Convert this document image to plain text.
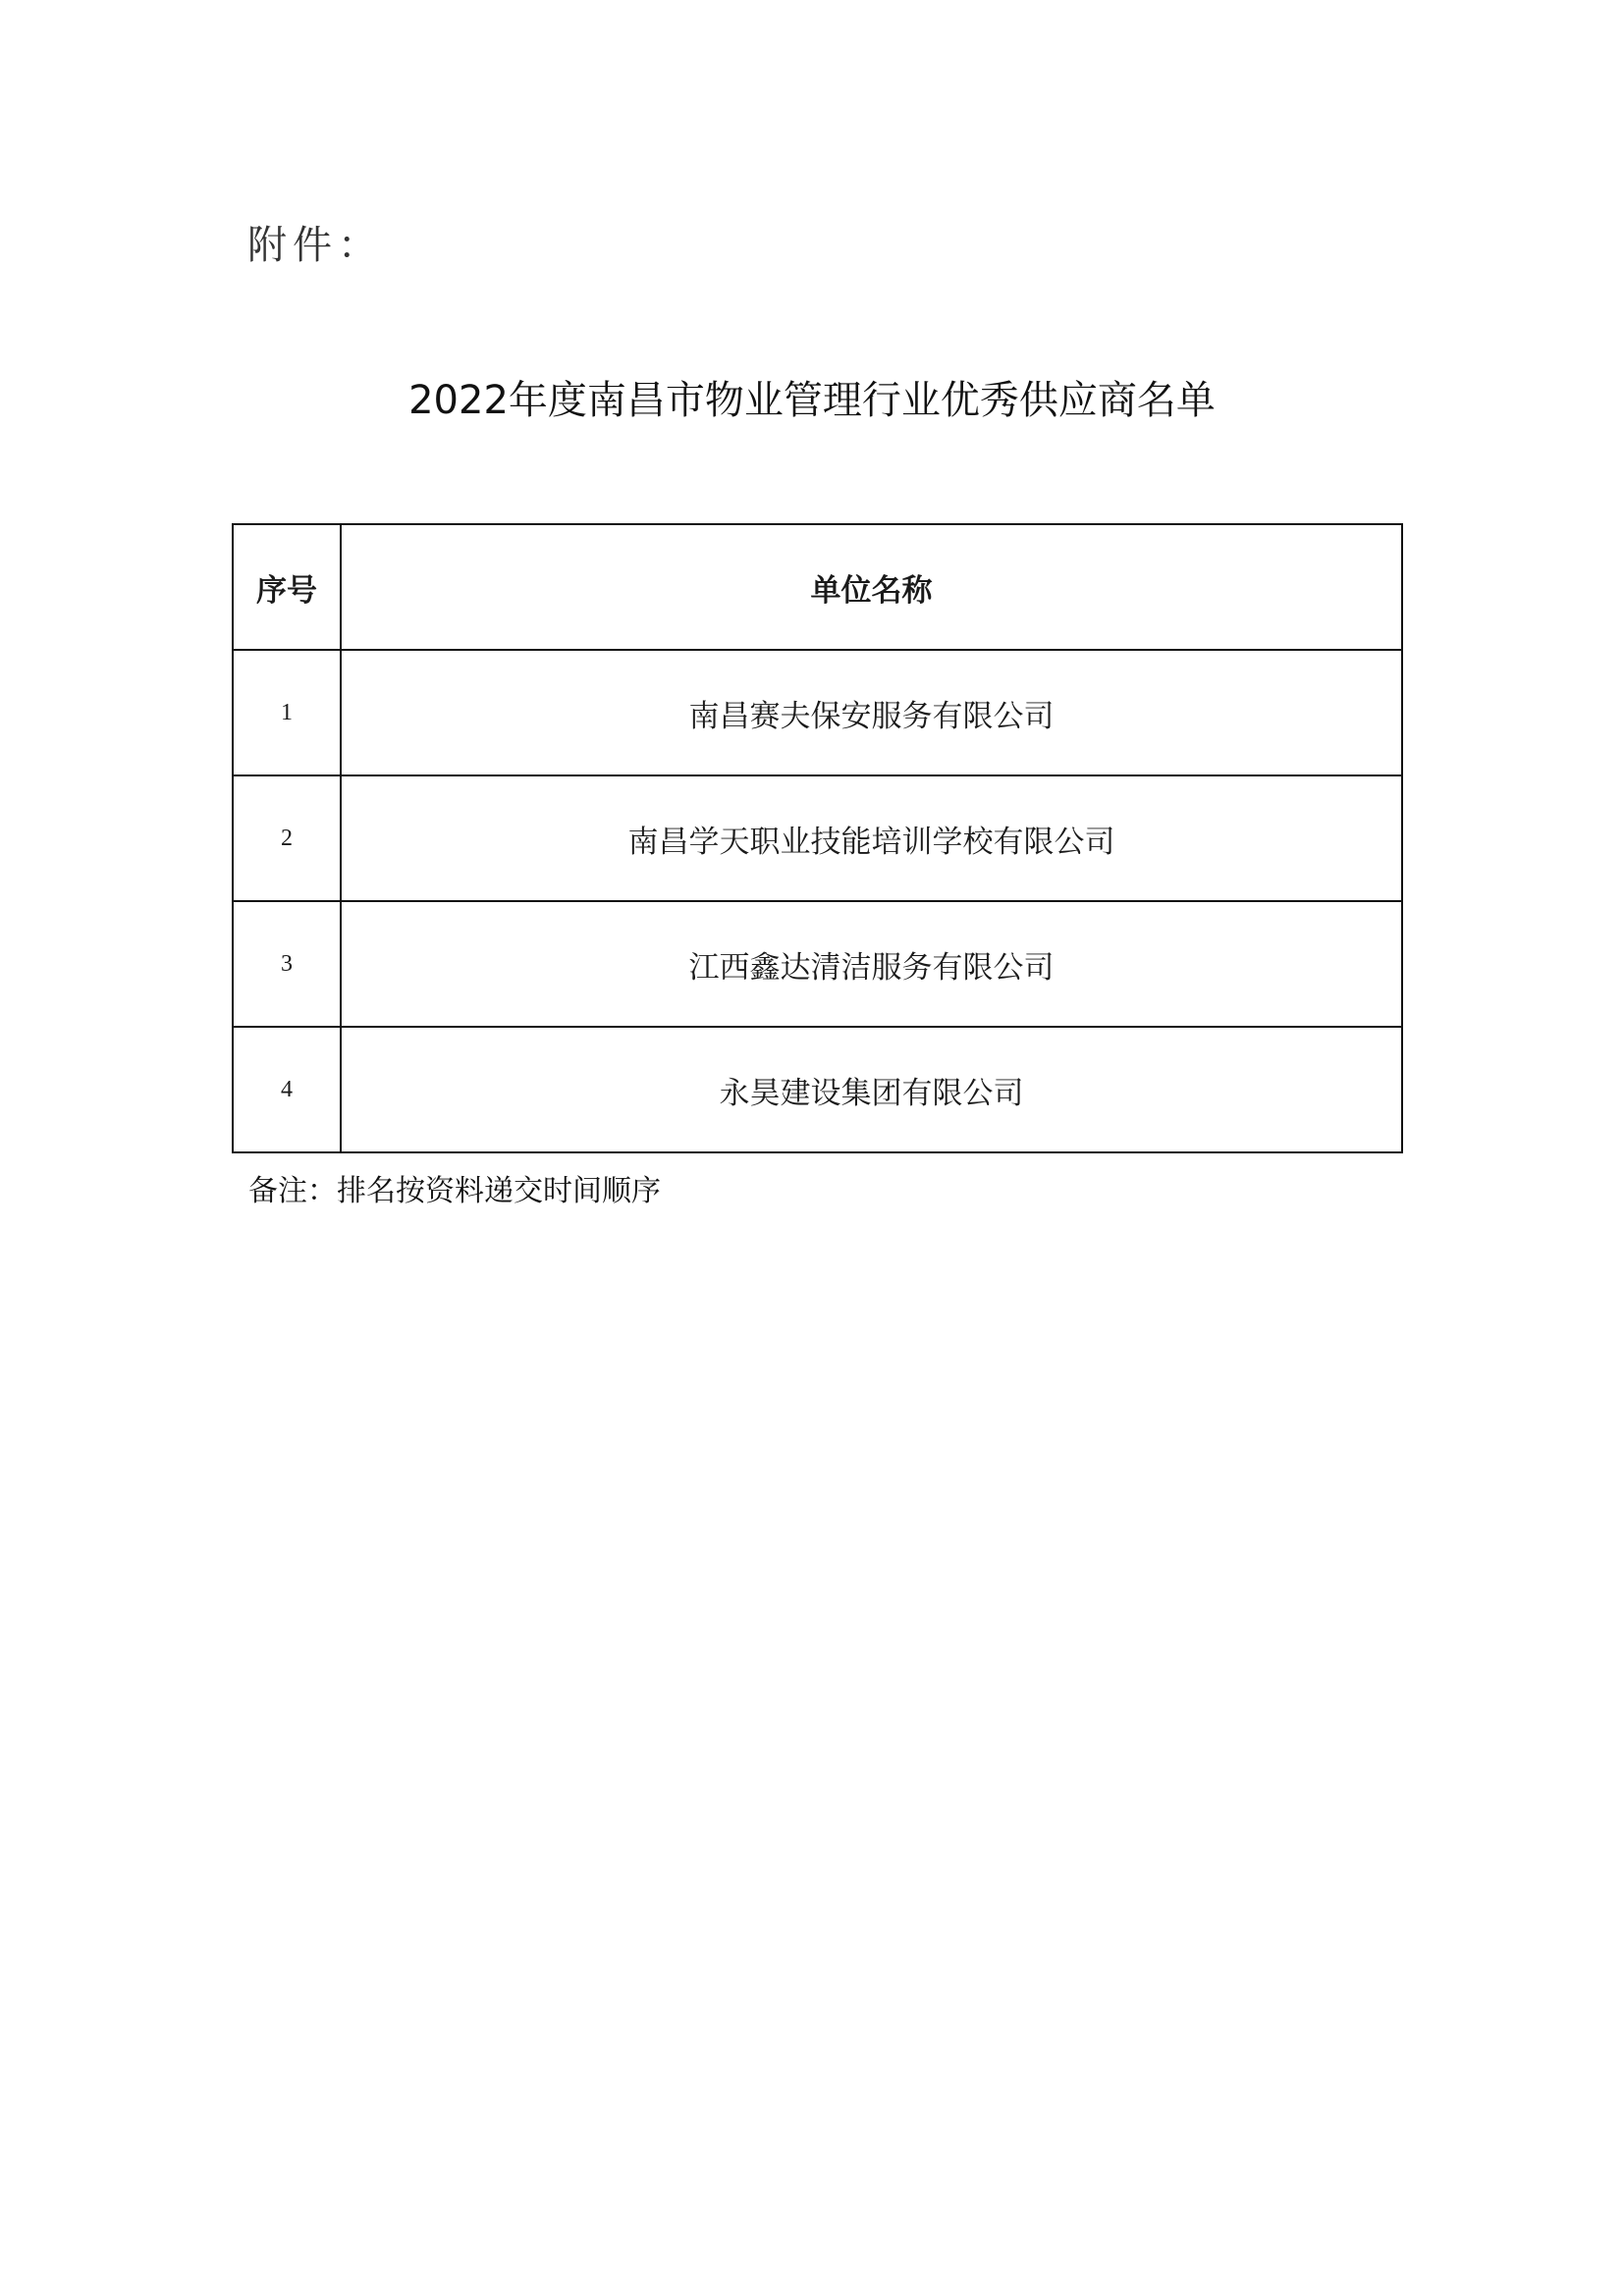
附件：
2022年度南昌市物业管理行业优秀供应商名单
序号	单位名称
1	南昌赛夫保安服务有限公司
2	南昌学天职业技能培训学校有限公司
3	江西鑫达清洁服务有限公司
4	永昊建设集团有限公司
备注：排名按资料递交时间顺序
